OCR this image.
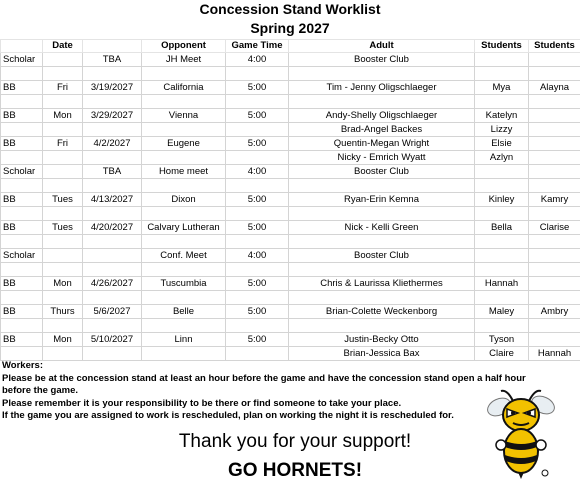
Concession Stand Worklist
Spring 2027
	Date		Opponent	Game Time	Adult	Students	Students
Scholar		TBA	JH Meet	4:00	Booster Club		

BB	Fri	3/19/2027	California	5:00	Tim - Jenny Oligschlaeger	Mya	Alayna

BB	Mon	3/29/2027	Vienna	5:00	Andy-Shelly Oligschlaeger	Katelyn	
					Brad-Angel Backes	Lizzy	
BB	Fri	4/2/2027	Eugene	5:00	Quentin-Megan Wright	Elsie	
					Nicky - Emrich Wyatt	Azlyn	
Scholar		TBA	Home meet	4:00	Booster Club		

BB	Tues	4/13/2027	Dixon	5:00	Ryan-Erin Kemna	Kinley	Kamry

BB	Tues	4/20/2027	Calvary Lutheran	5:00	Nick - Kelli Green	Bella	Clarise

Scholar			Conf. Meet	4:00	Booster Club		

BB	Mon	4/26/2027	Tuscumbia	5:00	Chris & Laurissa Kliethermes	Hannah	

BB	Thurs	5/6/2027	Belle	5:00	Brian-Colette Weckenborg	Maley	Ambry

BB	Mon	5/10/2027	Linn	5:00	Justin-Becky Otto	Tyson	
					Brian-Jessica Bax	Claire	Hannah
Workers:
Please be at the concession stand at least an hour before the game and have the concession stand open a half hour
before the game.
Please remember it is your responsibility to be there or find someone to take your place.
If the game you are assigned to work is rescheduled, plan on working the night it is rescheduled for.
Thank you for your support!
GO HORNETS!
